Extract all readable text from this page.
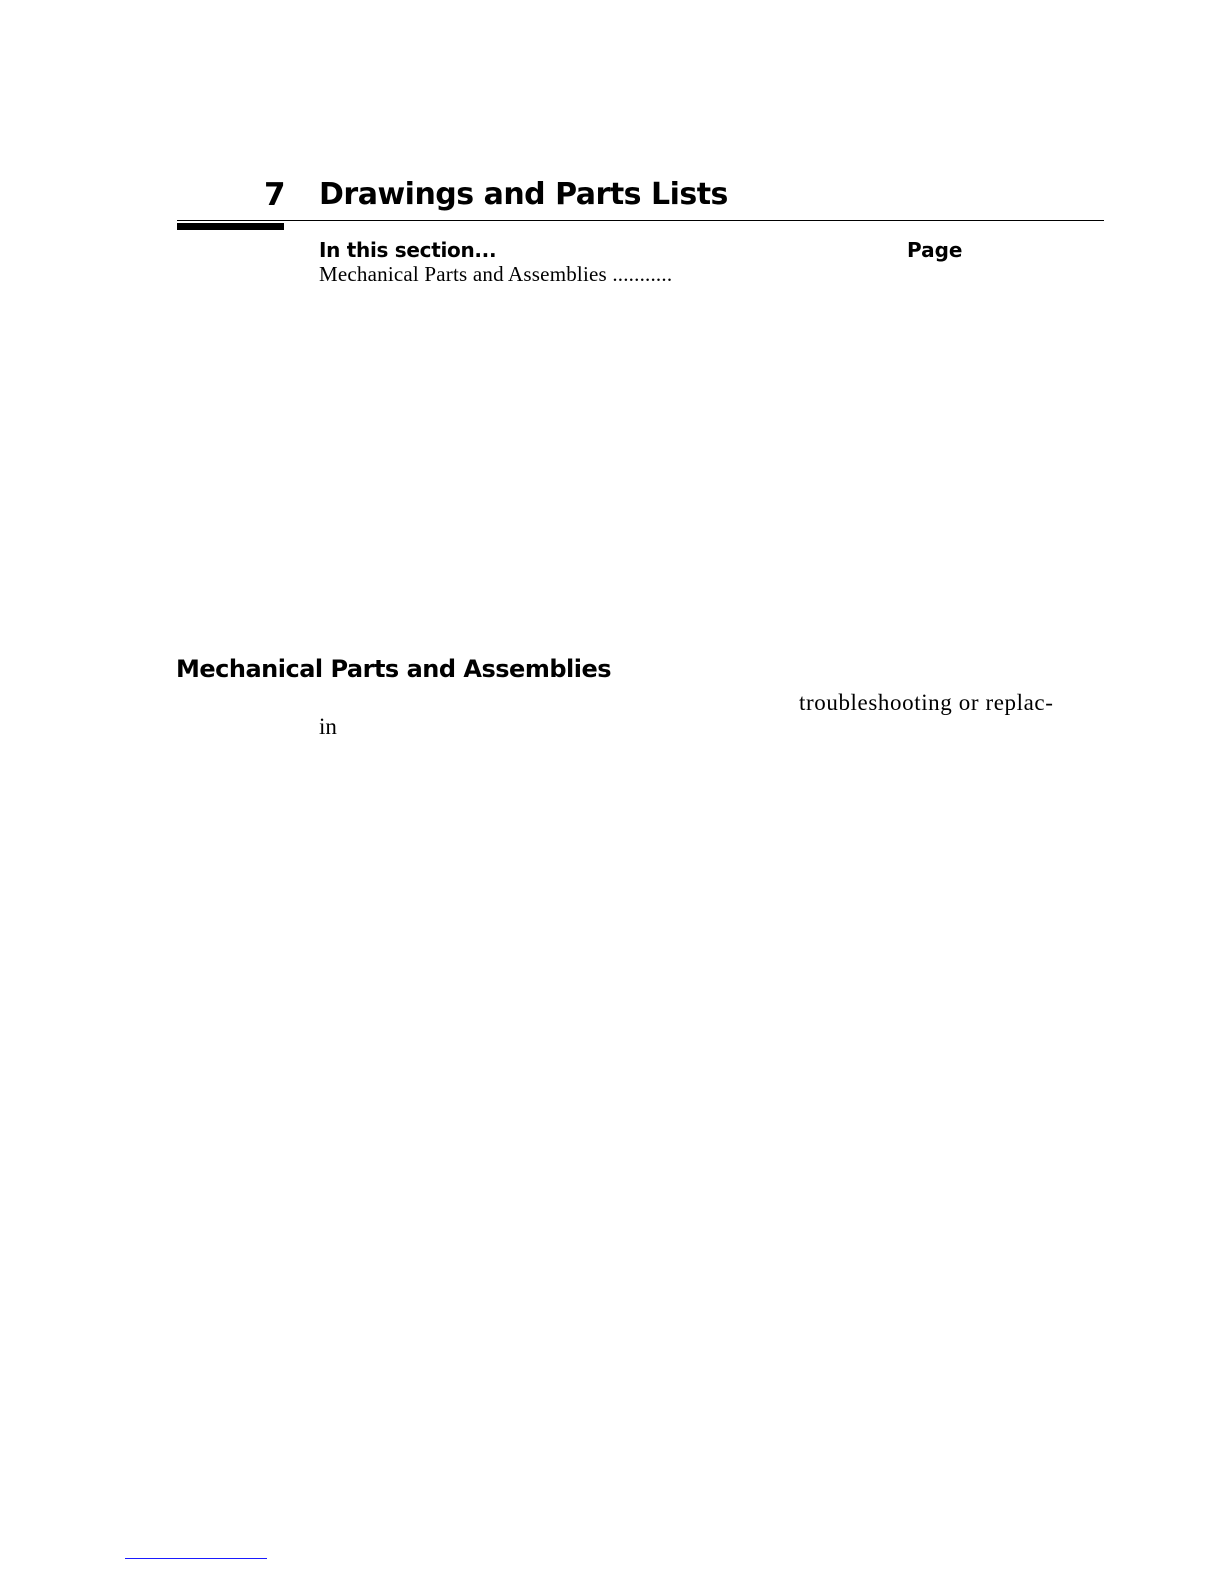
7 Drawings and Parts Lists
In this section...	Page
Mechanical Parts and Assemblies ...........
Mechanical Parts and Assemblies
troubleshooting or replac-
in
